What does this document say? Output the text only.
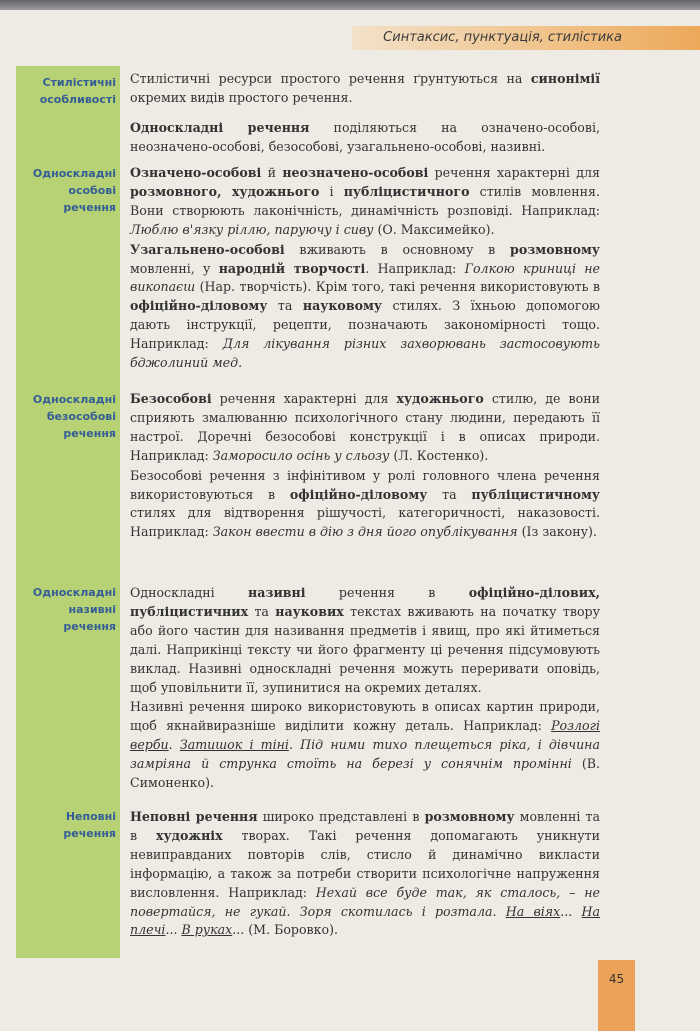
Синтаксис, пунктуація, стилістика
Стилістичні
особливості
Односкладні
особові
речення
Односкладні
безособові
речення
Односкладні
називні
речення
Неповні
речення

Стилістичні ресурси простого речення ґрунтуються на синонімії окремих видів простого речення.

Односкладні речення поділяються на означено-особові, неозначено-особові, безособові, узагальнено-особові, називні.

Означено-особові й неозначено-особові речення характерні для розмовного, художнього і публіцистичного стилів мовлення. Вони створюють лаконічність, динамічність розповіді. Наприклад: Люблю в'язку ріллю, паруючу і сиву (О. Максимейко).

Узагальнено-особові вживають в основному в розмовному мовленні, у народній творчості. Наприклад: Голкою криниці не викопаєш (Нар. творчість). Крім того, такі речення використовують в офіційно-діловому та науковому стилях. З їхньою допомогою дають інструкції, рецепти, позначають закономірності тощо. Наприклад: Для лікування різних захворювань застосовують бджолиний мед.

Безособові речення характерні для художнього стилю, де вони сприяють змалюванню психологічного стану людини, передають її настрої. Доречні безособові конструкції і в описах природи. Наприклад: Заморосило осінь у сльозу (Л. Костенко).

Безособові речення з інфінітивом у ролі головного члена речення використовуються в офіційно-діловому та публіцистичному стилях для відтворення рішучості, категоричності, наказовості. Наприклад: Закон ввести в дію з дня його опублікування (Із закону).

Односкладні називні речення в офіційно-ділових, публіцистичних та наукових текстах вживають на початку твору або його частин для називання предметів і явищ, про які йтиметься далі. Наприкінці тексту чи його фрагменту ці речення підсумовують виклад. Називні односкладні речення можуть переривати оповідь, щоб уповільнити її, зупинитися на окремих деталях.

Називні речення широко використовують в описах картин природи, щоб якнайвиразніше виділити кожну деталь. Наприклад: Розлогі верби. Затишок і тіні. Під ними тихо плещеться ріка, і дівчина замріяна й струнка стоїть на березі у сонячнім промінні (В. Симоненко).

Неповні речення широко представлені в розмовному мовленні та в художніх творах. Такі речення допомагають уникнути невиправданих повторів слів, стисло й динамічно викласти інформацію, а також за потреби створити психологічне напруження висловлення. Наприклад: Нехай все буде так, як сталось, – не повертайся, не гукай. Зоря скотилась і розтала. На віях... На плечі... В руках... (М. Боровко).

45
